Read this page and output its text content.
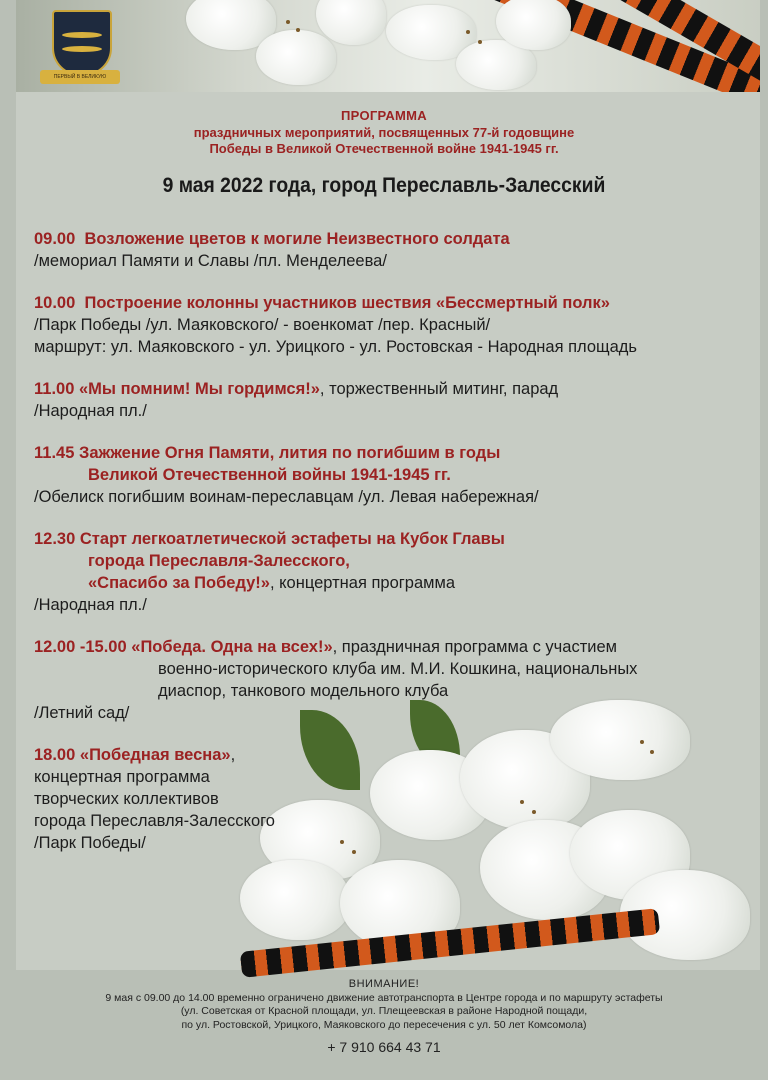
ПЕРВЫЙ В ВЕЛИКУЮ
ПРОГРАММА
праздничных мероприятий, посвященных 77-й годовщине
Победы в Великой Отечественной войне 1941-1945 гг.
9 мая 2022 года, город Переславль-Залесский

09.00 Возложение цветов к могиле Неизвестного солдата

/мемориал Памяти и Славы /пл. Менделеева/

10.00 Построение колонны участников шествия «Бессмертный полк»

/Парк Победы /ул. Маяковского/ - военкомат /пер. Красный/

маршрут: ул. Маяковского - ул. Урицкого - ул. Ростовская - Народная площадь

11.00 «Мы помним! Мы гордимся!», торжественный митинг, парад

/Народная пл./

11.45 Зажжение Огня Памяти, лития по погибшим в годы

Великой Отечественной войны 1941-1945 гг.

/Обелиск погибшим воинам-переславцам /ул. Левая набережная/

12.30 Старт легкоатлетической эстафеты на Кубок Главы

города Переславля-Залесского,

«Спасибо за Победу!», концертная программа

/Народная пл./

12.00 -15.00 «Победа. Одна на всех!», праздничная программа с участием

военно-исторического клуба им. М.И. Кошкина, национальных

диаспор, танкового модельного клуба

/Летний сад/

18.00 «Победная весна»,

концертная программа

творческих коллективов

города Переславля-Залесского

/Парк Победы/

ВНИМАНИЕ!
9 мая с 09.00 до 14.00 временно ограничено движение автотранспорта в Центре города и по маршруту эстафеты
(ул. Советская от Красной площади, ул. Плещеевская в районе Народной пощади,
по ул. Ростовской, Урицкого, Маяковского до пересечения с ул. 50 лет Комсомола)
+ 7 910 664 43 71
